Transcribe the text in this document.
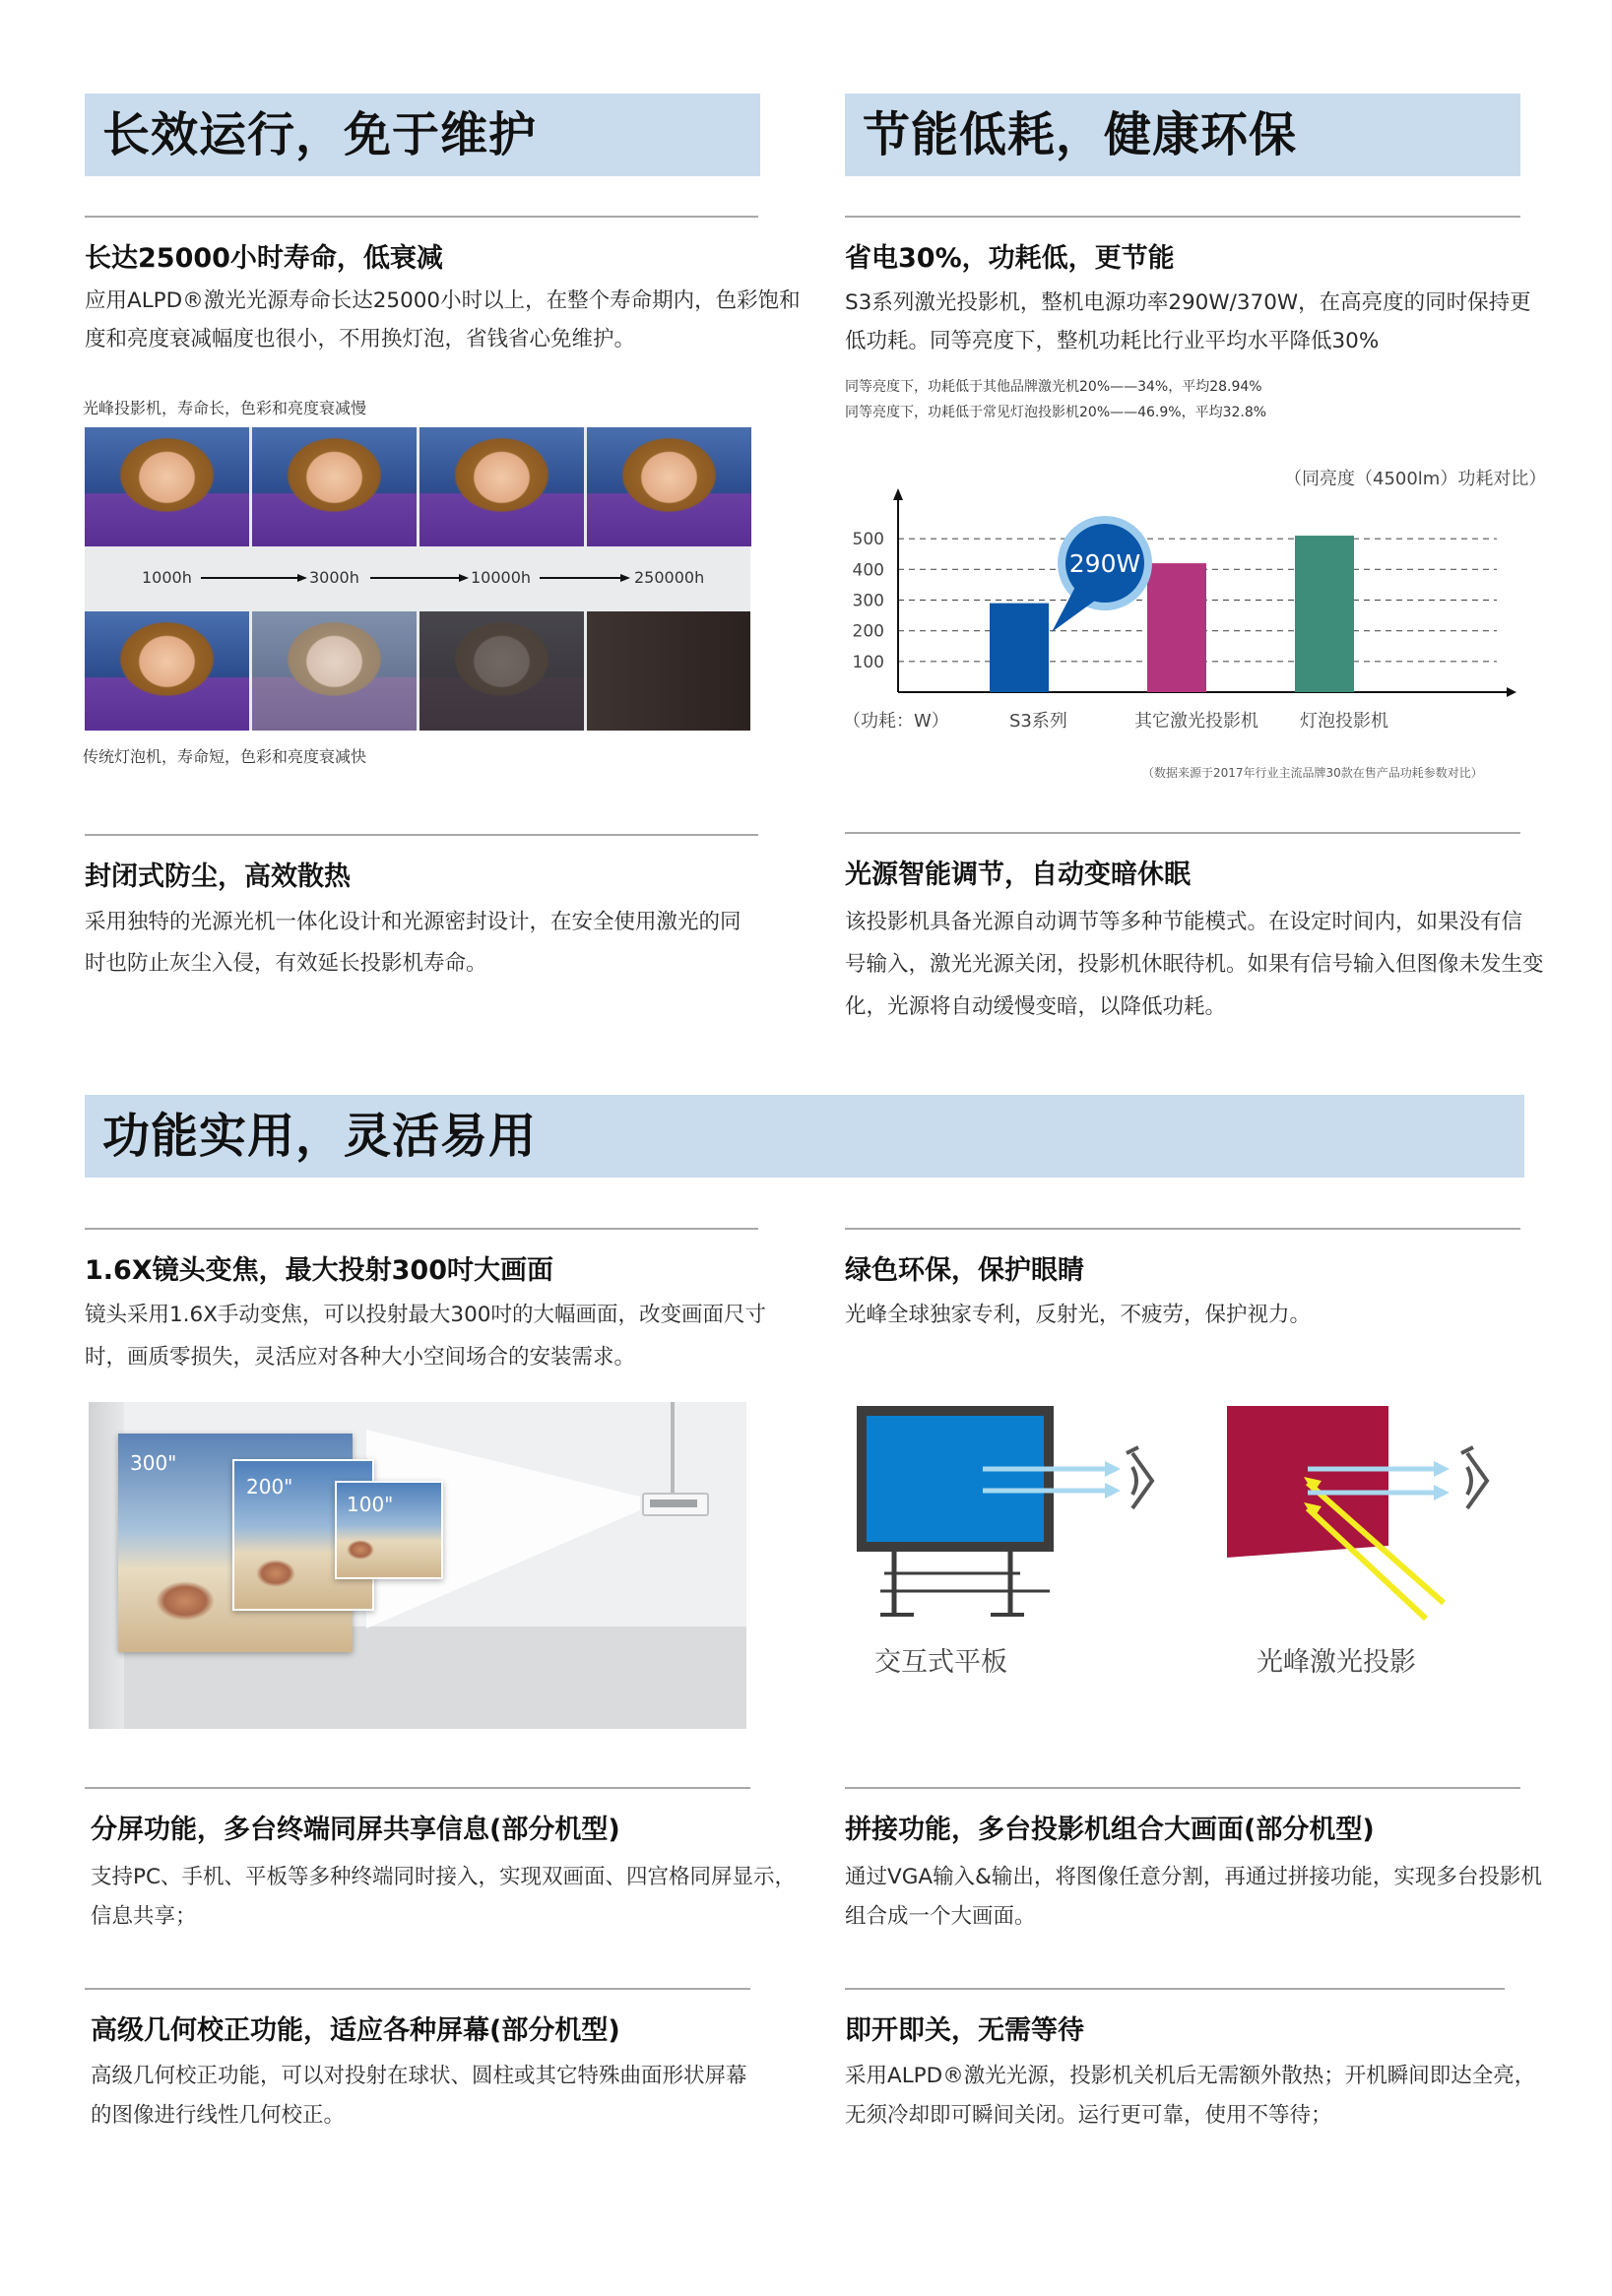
长效运行，免于维护
长达25000小时寿命，低衰减
应用ALPD®激光光源寿命长达25000小时以上，在整个寿命期内，色彩饱和
度和亮度衰减幅度也很小，不用换灯泡，省钱省心免维护。
光峰投影机，寿命长，色彩和亮度衰减慢
1000h	3000h	10000h	250000h
传统灯泡机，寿命短，色彩和亮度衰减快
封闭式防尘，高效散热
采用独特的光源光机一体化设计和光源密封设计，在安全使用激光的同
时也防止灰尘入侵，有效延长投影机寿命。
节能低耗，健康环保
省电30%，功耗低，更节能
S3系列激光投影机，整机电源功率290W/370W，在高亮度的同时保持更
低功耗。同等亮度下，整机功耗比行业平均水平降低30%
同等亮度下，功耗低于其他品牌激光机20%——34%，平均28.94%
同等亮度下，功耗低于常见灯泡投影机20%——46.9%，平均32.8%
（同亮度（4500lm）功耗对比）
100
200
300
400
500
290W
（功耗：W）	S3系列	其它激光投影机 灯泡投影机
（数据来源于2017年行业主流品牌30款在售产品功耗参数对比）
光源智能调节，自动变暗休眠
该投影机具备光源自动调节等多种节能模式。在设定时间内，如果没有信
号输入，激光光源关闭，投影机休眠待机。如果有信号输入但图像未发生变
化，光源将自动缓慢变暗，以降低功耗。
功能实用，灵活易用
1.6X镜头变焦，最大投射300吋大画面
镜头采用1.6X手动变焦，可以投射最大300吋的大幅画面，改变画面尺寸
时，画质零损失，灵活应对各种大小空间场合的安装需求。
300"
200"
100"
绿色环保，保护眼睛
光峰全球独家专利，反射光，不疲劳，保护视力。
交互式平板	光峰激光投影
分屏功能，多台终端同屏共享信息(部分机型)
支持PC、手机、平板等多种终端同时接入，实现双画面、四宫格同屏显示，
信息共享；
拼接功能，多台投影机组合大画面(部分机型)
通过VGA输入&输出，将图像任意分割，再通过拼接功能，实现多台投影机
组合成一个大画面。
高级几何校正功能，适应各种屏幕(部分机型)
高级几何校正功能，可以对投射在球状、圆柱或其它特殊曲面形状屏幕
的图像进行线性几何校正。
即开即关，无需等待
采用ALPD®激光光源，投影机关机后无需额外散热；开机瞬间即达全亮，
无须冷却即可瞬间关闭。运行更可靠，使用不等待；
